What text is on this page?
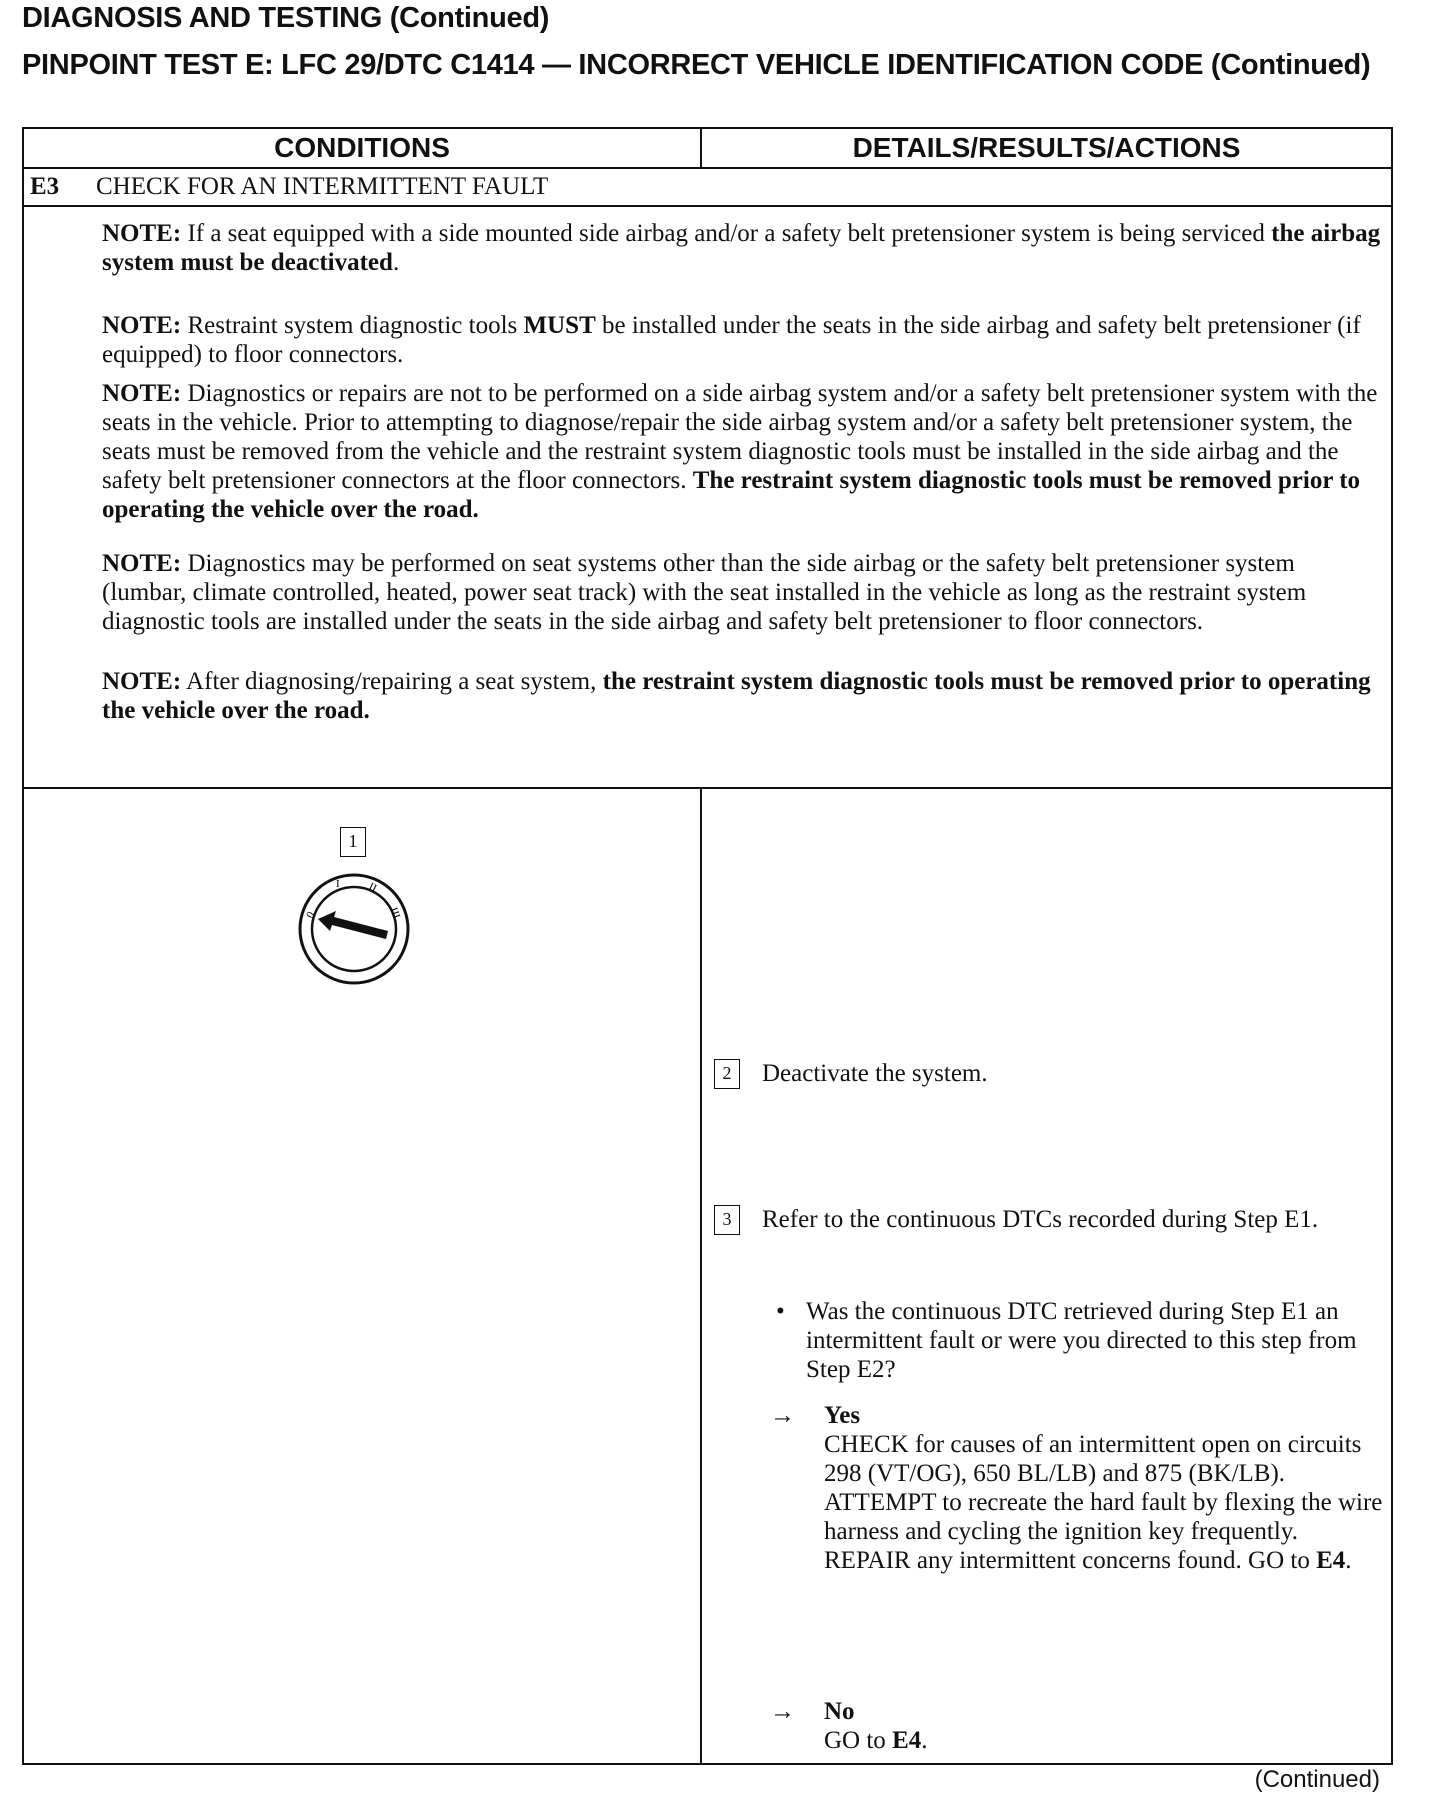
DIAGNOSIS AND TESTING (Continued)
PINPOINT TEST E: LFC 29/DTC C1414 — INCORRECT VEHICLE IDENTIFICATION CODE (Continued)
CONDITIONS	DETAILS/RESULTS/ACTIONS
E3 CHECK FOR AN INTERMITTENT FAULT
NOTE: If a seat equipped with a side mounted side airbag and/or a safety belt pretensioner system is being serviced the airbag system must be deactivated.
NOTE: Restraint system diagnostic tools MUST be installed under the seats in the side airbag and safety belt pretensioner (if equipped) to floor connectors.
NOTE: Diagnostics or repairs are not to be performed on a side airbag system and/or a safety belt pretensioner system with the seats in the vehicle. Prior to attempting to diagnose/repair the side airbag system and/or a safety belt pretensioner system, the seats must be removed from the vehicle and the restraint system diagnostic tools must be installed in the side airbag and the safety belt pretensioner connectors at the floor connectors. The restraint system diagnostic tools must be removed prior to operating the vehicle over the road.
NOTE: Diagnostics may be performed on seat systems other than the side airbag or the safety belt pretensioner system (lumbar, climate controlled, heated, power seat track) with the seat installed in the vehicle as long as the restraint system diagnostic tools are installed under the seats in the side airbag and safety belt pretensioner to floor connectors.
NOTE: After diagnosing/repairing a seat system, the restraint system diagnostic tools must be removed prior to operating the vehicle over the road.
1
0
I II
III
2	Deactivate the system.
3	Refer to the continuous DTCs recorded during Step E1.
• Was the continuous DTC retrieved during Step E1 an intermittent fault or were you directed to this step from Step E2?
→ Yes
CHECK for causes of an intermittent open on circuits 298 (VT/OG), 650 BL/LB) and 875 (BK/LB). ATTEMPT to recreate the hard fault by flexing the wire harness and cycling the ignition key frequently. REPAIR any intermittent concerns found. GO to E4.
→ No
GO to E4.
(Continued)
